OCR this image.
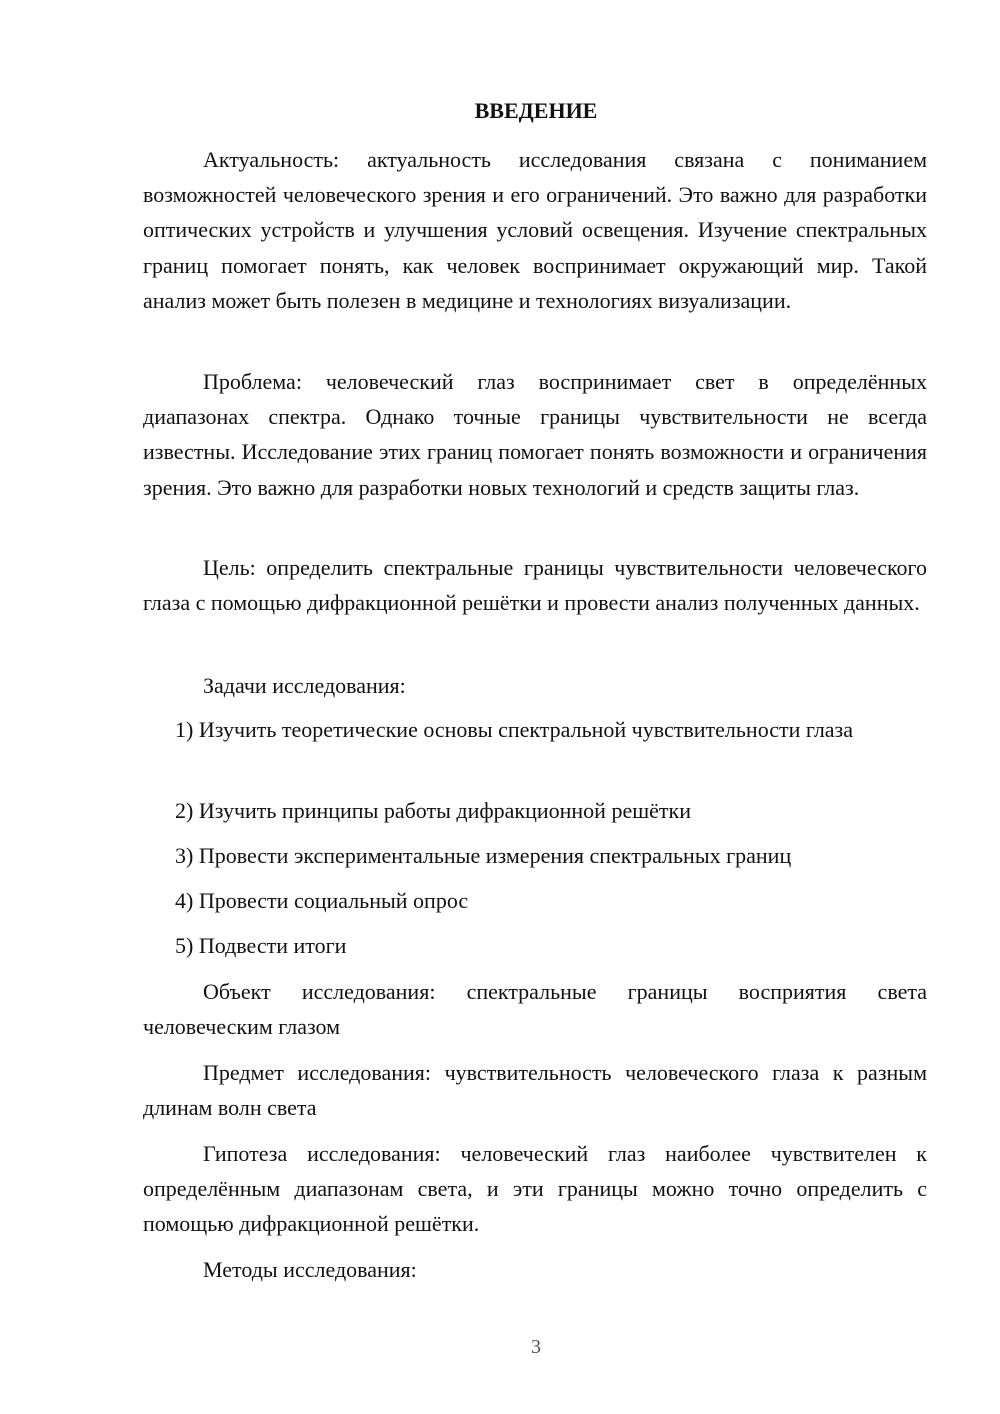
ВВЕДЕНИЕ

Актуальность: актуальность исследования связана с пониманием возможностей человеческого зрения и его ограничений. Это важно для разработки оптических устройств и улучшения условий освещения. Изучение спектральных границ помогает понять, как человек воспринимает окружающий мир. Такой анализ может быть полезен в медицине и технологиях визуализации.

Проблема: человеческий глаз воспринимает свет в определённых диапазонах спектра. Однако точные границы чувствительности не всегда известны. Исследование этих границ помогает понять возможности и ограничения зрения. Это важно для разработки новых технологий и средств защиты глаз.

Цель: определить спектральные границы чувствительности человеческого глаза с помощью дифракционной решётки и провести анализ полученных данных.

Задачи исследования:

1) Изучить теоретические основы спектральной чувствительности глаза

2) Изучить принципы работы дифракционной решётки

3) Провести экспериментальные измерения спектральных границ

4) Провести социальный опрос

5) Подвести итоги

Объект исследования: спектральные границы восприятия света человеческим глазом

Предмет исследования: чувствительность человеческого глаза к разным длинам волн света

Гипотеза исследования: человеческий глаз наиболее чувствителен к определённым диапазонам света, и эти границы можно точно определить с помощью дифракционной решётки.

Методы исследования:

3
